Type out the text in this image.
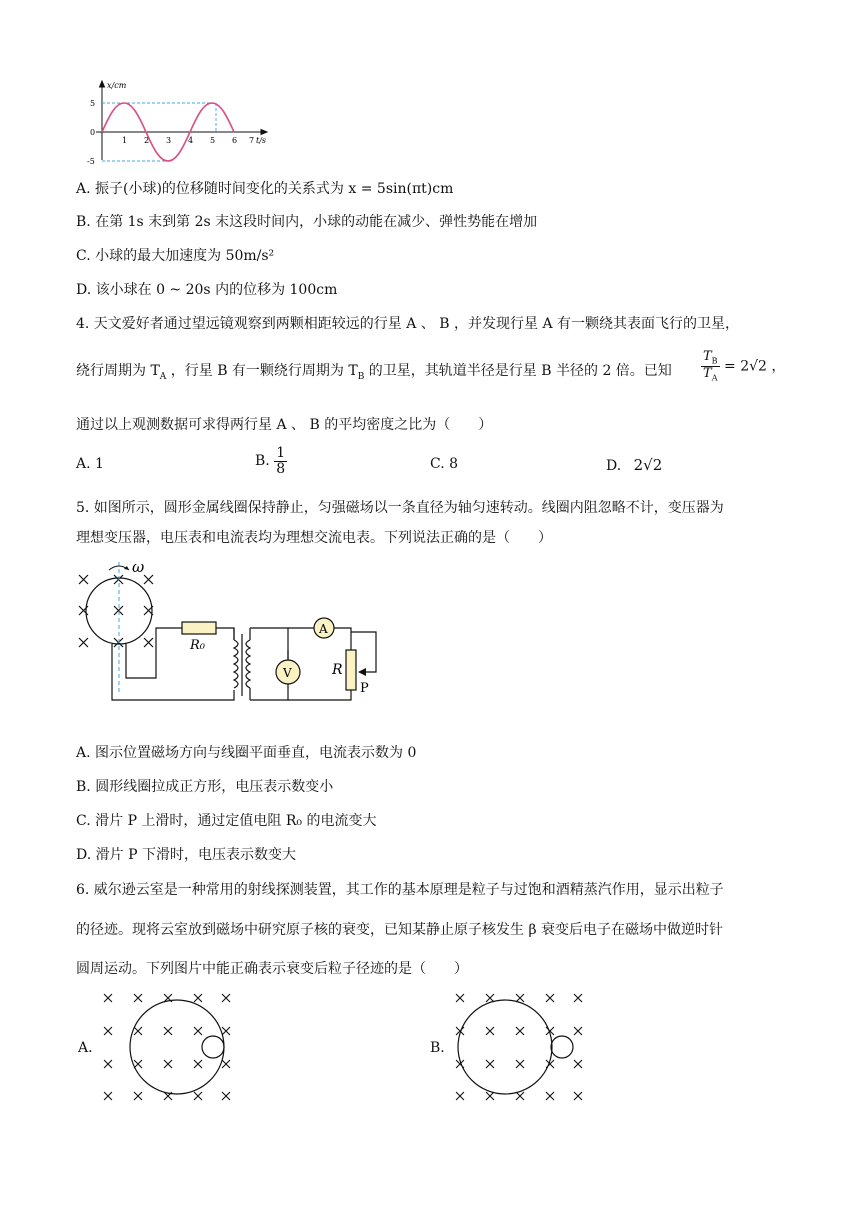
x/cm
t/s
5
0
-5
1 2 3 4 5 6 7
A. 振子(小球)的位移随时间变化的关系式为 x = 5sin(πt)cm
B. 在第 1s 末到第 2s 末这段时间内，小球的动能在减少、弹性势能在增加
C. 小球的最大加速度为 50m/s²
D. 该小球在 0 ~ 20s 内的位移为 100cm
4. 天文爱好者通过望远镜观察到两颗相距较远的行星 A 、 B ，并发现行星 A 有一颗绕其表面飞行的卫星，
绕行周期为 $T_A$ ，行星 B 有一颗绕行周期为 $T_B$ 的卫星，其轨道半径是行星 B 半径的 2 倍。已知 $\frac{T_B}{T_A} = 2√2$ ，
通过以上观测数据可求得两行星 A 、 B 的平均密度之比为（　　）
A. 1	B. $\frac{1}{8}$	C. 8	D. 2√2
5. 如图所示，圆形金属线圈保持静止，匀强磁场以一条直径为轴匀速转动。线圈内阻忽略不计，变压器为
理想变压器，电压表和电流表均为理想交流电表。下列说法正确的是（　　）
ω
R₀
V
A
R
P
A. 图示位置磁场方向与线圈平面垂直，电流表示数为 0
B. 圆形线圈拉成正方形，电压表示数变小
C. 滑片 P 上滑时，通过定值电阻 R₀ 的电流变大
D. 滑片 P 下滑时，电压表示数变大
6. 威尔逊云室是一种常用的射线探测装置，其工作的基本原理是粒子与过饱和酒精蒸汽作用，显示出粒子
的径迹。现将云室放到磁场中研究原子核的衰变，已知某静止原子核发生 β 衰变后电子在磁场中做逆时针
圆周运动。下列图片中能正确表示衰变后粒子径迹的是（　　）
A.	B.
